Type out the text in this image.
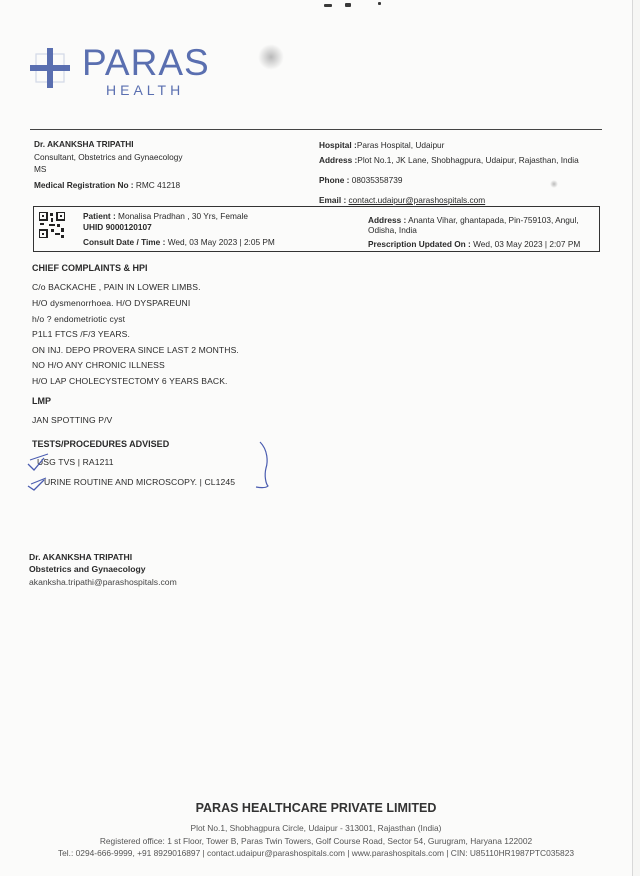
PARAS
HEALTH
Dr. AKANKSHA TRIPATHI
Consultant, Obstetrics and Gynaecology
MS
Medical Registration No : RMC 41218
Hospital :Paras Hospital, Udaipur
Address :Plot No.1, JK Lane, Shobhagpura, Udaipur, Rajasthan, India
Phone : 08035358739
Email : contact.udaipur@parashospitals.com
Patient : Monalisa Pradhan , 30 Yrs, Female
UHID 9000120107
Consult Date / Time : Wed, 03 May 2023 | 2:05 PM
Address : Ananta Vihar, ghantapada, Pin-759103, Angul,
Odisha, India
Prescription Updated On : Wed, 03 May 2023 | 2:07 PM
CHIEF COMPLAINTS & HPI
C/o BACKACHE , PAIN IN LOWER LIMBS.
H/O dysmenorrhoea. H/O DYSPAREUNI
h/o ? endometriotic cyst
P1L1 FTCS /F/3 YEARS.
ON INJ. DEPO PROVERA SINCE LAST 2 MONTHS.
NO H/O ANY CHRONIC ILLNESS
H/O LAP CHOLECYSTECTOMY 6 YEARS BACK.
LMP
JAN SPOTTING P/V
TESTS/PROCEDURES ADVISED
USG TVS | RA1211
URINE ROUTINE AND MICROSCOPY. | CL1245
Dr. AKANKSHA TRIPATHI
Obstetrics and Gynaecology
akanksha.tripathi@parashospitals.com
PARAS HEALTHCARE PRIVATE LIMITED
Plot No.1, Shobhagpura Circle, Udaipur - 313001, Rajasthan (India)
Registered office: 1 st Floor, Tower B, Paras Twin Towers, Golf Course Road, Sector 54, Gurugram, Haryana 122002
Tel.: 0294-666-9999, +91 8929016897 | contact.udaipur@parashospitals.com | www.parashospitals.com | CIN: U85110HR1987PTC035823
